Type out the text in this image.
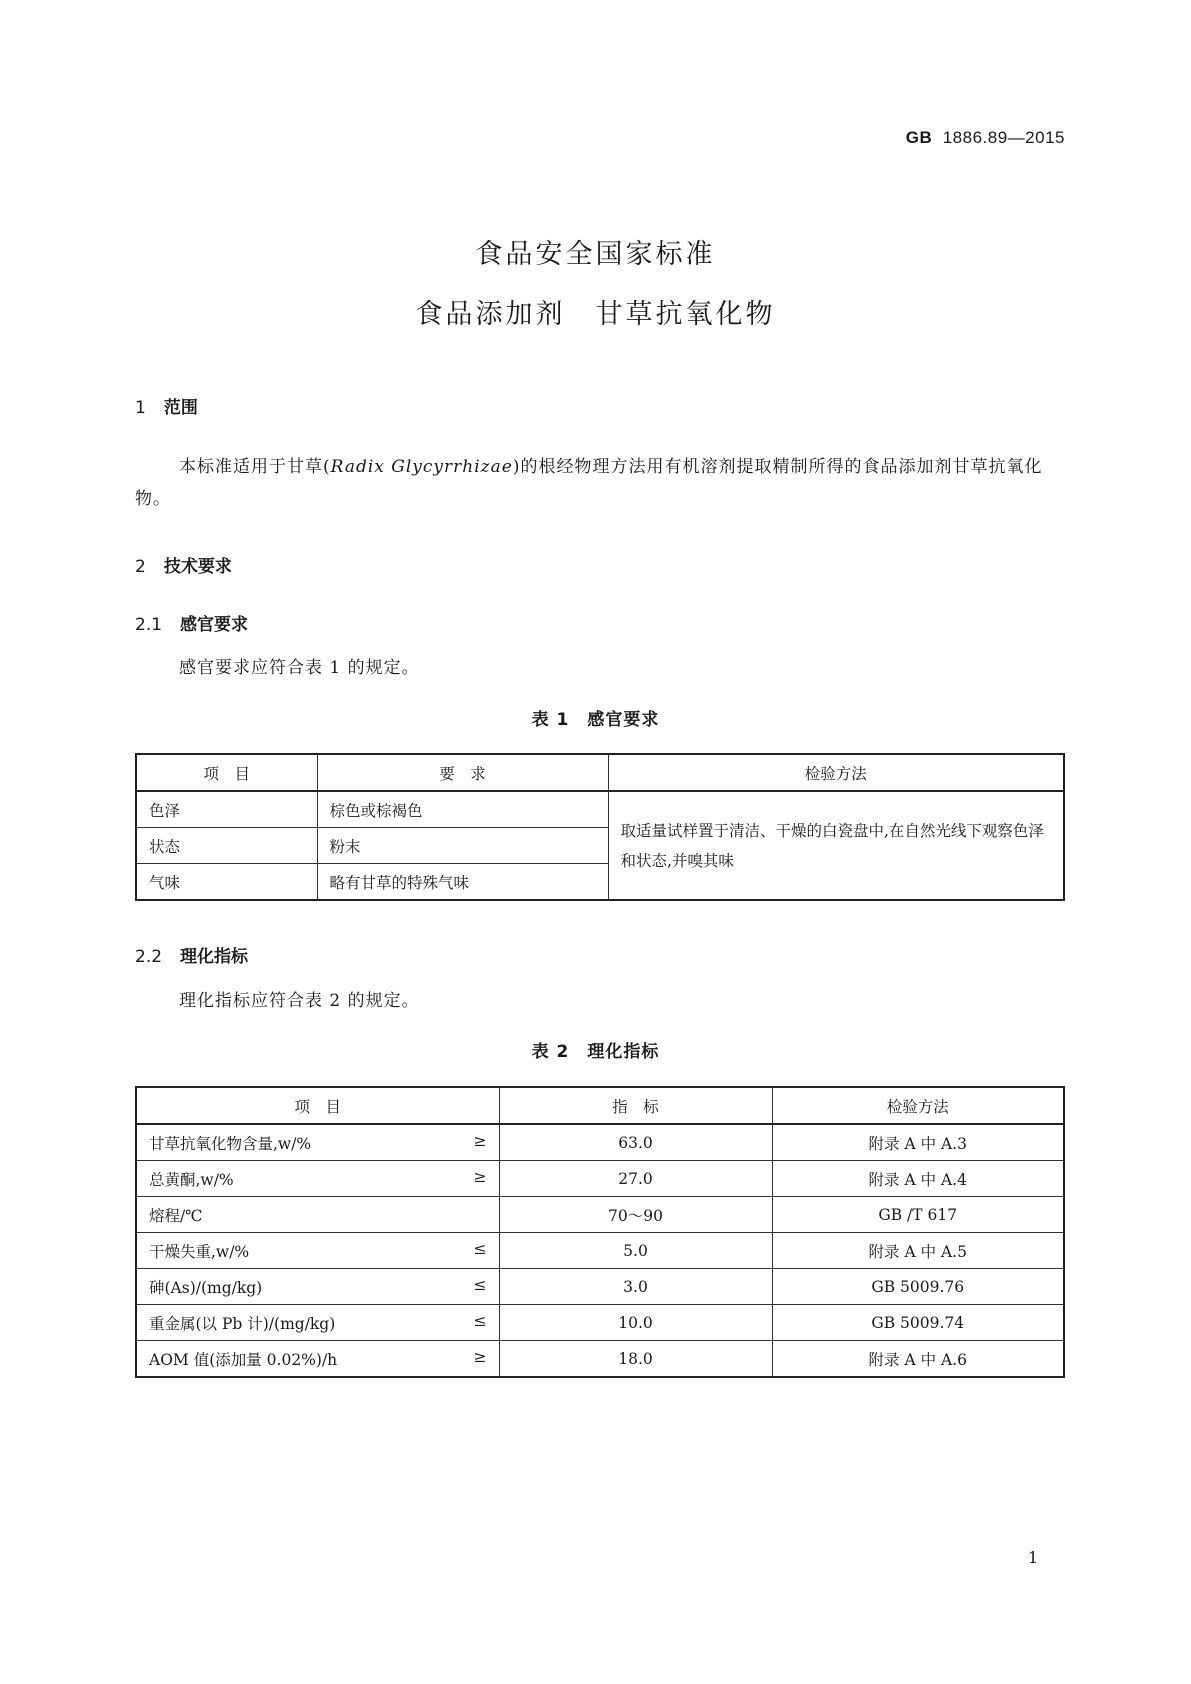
GB 1886.89—2015
食品安全国家标准
食品添加剂　甘草抗氧化物
1 范围
本标准适用于甘草(Radix Glycyrrhizae)的根经物理方法用有机溶剂提取精制所得的食品添加剂甘草抗氧化物。
2 技术要求
2.1 感官要求
感官要求应符合表 1 的规定。
表 1　感官要求
项　目	要　求	检验方法
色泽	棕色或棕褐色	取适量试样置于清洁、干燥的白瓷盘中,在自然光线下观察色泽和状态,并嗅其味
状态	粉末	
气味	略有甘草的特殊气味	
2.2 理化指标
理化指标应符合表 2 的规定。
表 2　理化指标
项　目	指　标	检验方法
甘草抗氧化物含量,w/% ≥	63.0	附录 A 中 A.3
总黄酮,w/% ≥	27.0	附录 A 中 A.4
熔程/℃	70～90	GB /T 617
干燥失重,w/% ≤	5.0	附录 A 中 A.5
砷(As)/(mg/kg) ≤	3.0	GB 5009.76
重金属(以 Pb 计)/(mg/kg) ≤	10.0	GB 5009.74
AOM 值(添加量 0.02%)/h ≥	18.0	附录 A 中 A.6
1
